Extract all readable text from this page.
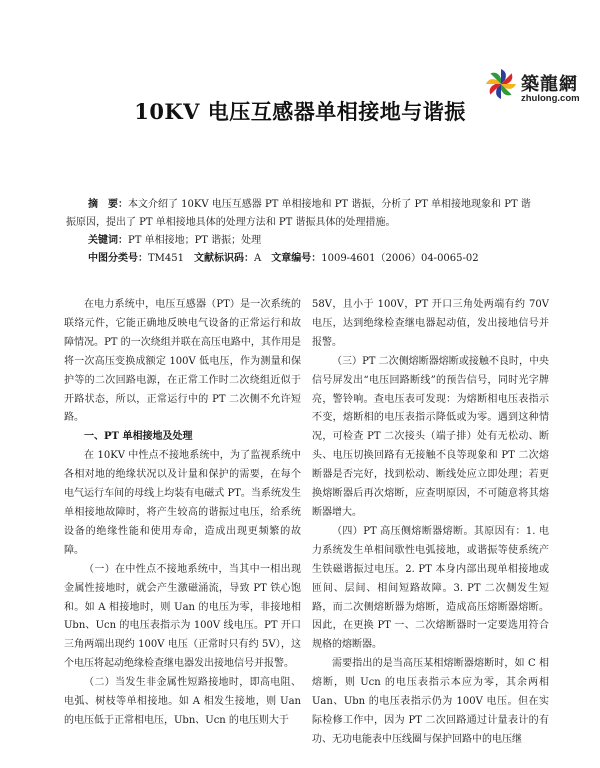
築龍網
zhulong.com
10KV 电压互感器单相接地与谐振

摘　要：本文介绍了 10KV 电压互感器 PT 单相接地和 PT 谐振，分析了 PT 单相接地现象和 PT 谐振原因，提出了 PT 单相接地具体的处理方法和 PT 谐振具体的处理措施。

关键词：PT 单相接地；PT 谐振；处理

中图分类号：TM451 文献标识码：A 文章编号：1009-4601（2006）04-0065-02

在电力系统中，电压互感器（PT）是一次系统的联络元件，它能正确地反映电气设备的正常运行和故障情况。PT 的一次绕组并联在高压电路中，其作用是将一次高压变换成额定 100V 低电压，作为测量和保护等的二次回路电源，在正常工作时二次绕组近似于开路状态，所以，正常运行中的 PT 二次侧不允许短路。

一、PT 单相接地及处理

在 10KV 中性点不接地系统中，为了监视系统中各相对地的绝缘状况以及计量和保护的需要，在每个电气运行车间的母线上均装有电磁式 PT。当系统发生单相接地故障时，将产生较高的谐振过电压，给系统设备的绝缘性能和使用寿命，造成出现更频繁的故障。

（一）在中性点不接地系统中，当其中一相出现金属性接地时，就会产生激磁涌流，导致 PT 铁心饱和。如 A 相接地时，则 Uan 的电压为零，非接地相 Ubn、Ucn 的电压表指示为 100V 线电压。PT 开口三角两端出现约 100V 电压（正常时只有约 5V），这个电压将起动绝缘检查继电器发出接地信号并报警。

（二）当发生非金属性短路接地时，即高电阻、电弧、树枝等单相接地。如 A 相发生接地，则 Uan 的电压低于正常相电压，Ubn、Ucn 的电压则大于

58V，且小于 100V，PT 开口三角处两端有约 70V 电压，达到绝缘检查继电器起动值，发出接地信号并报警。

（三）PT 二次侧熔断器熔断或接触不良时，中央信号屏发出“电压回路断线”的预告信号，同时光字牌亮，警铃响。查电压表可发现：为熔断相电压表指示不变，熔断相的电压表指示降低或为零。遇到这种情况，可检查 PT 二次接头（端子排）处有无松动、断头、电压切换回路有无接触不良等现象和 PT 二次熔断器是否完好，找到松动、断线处应立即处理；若更换熔断器后再次熔断，应查明原因，不可随意将其熔断器增大。

（四）PT 高压侧熔断器熔断。其原因有：1. 电力系统发生单相间歇性电弧接地，或谐振等使系统产生铁磁谐振过电压。2. PT 本身内部出现单相接地或匝间、层间、相间短路故障。3. PT 二次侧发生短路，而二次侧熔断器为熔断，造成高压熔断器熔断。因此，在更换 PT 一、二次熔断器时一定要选用符合规格的熔断器。

需要指出的是当高压某相熔断器熔断时，如 C 相熔断，则 Ucn 的电压表指示本应为零，其余两相 Uan、Ubn 的电压表指示仍为 100V 电压。但在实际检修工作中，因为 PT 二次回路通过计量表计的有功、无功电能表中压线圈与保护回路中的电压继
